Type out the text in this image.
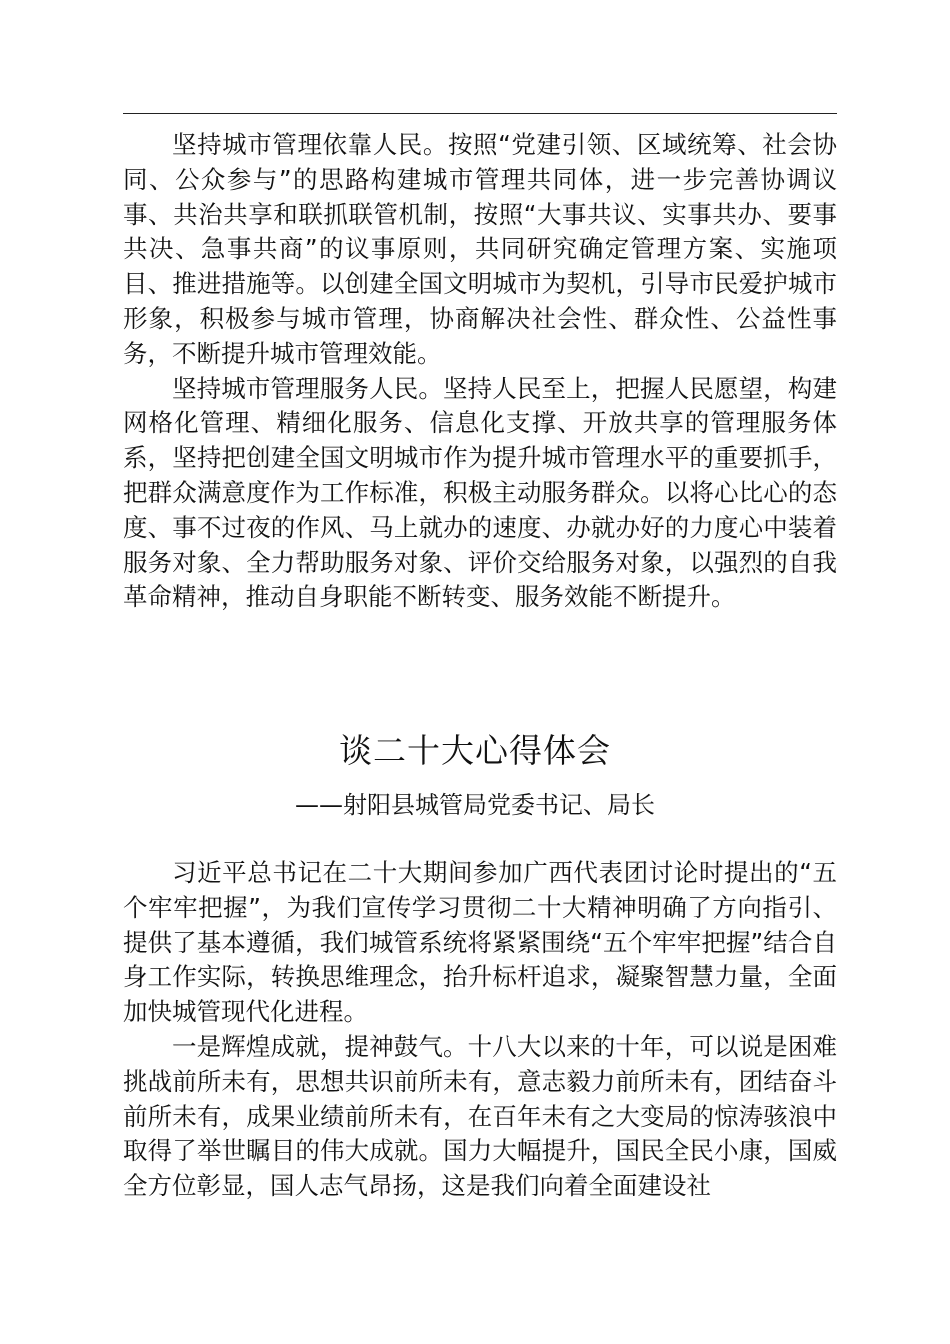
坚持城市管理依靠人民。按照“党建引领、区域统筹、社会协同、公众参与”的思路构建城市管理共同体，进一步完善协调议事、共治共享和联抓联管机制，按照“大事共议、实事共办、要事共决、急事共商”的议事原则，共同研究确定管理方案、实施项目、推进措施等。以创建全国文明城市为契机，引导市民爱护城市形象，积极参与城市管理，协商解决社会性、群众性、公益性事务，不断提升城市管理效能。

坚持城市管理服务人民。坚持人民至上，把握人民愿望，构建网格化管理、精细化服务、信息化支撑、开放共享的管理服务体系，坚持把创建全国文明城市作为提升城市管理水平的重要抓手，把群众满意度作为工作标准，积极主动服务群众。以将心比心的态度、事不过夜的作风、马上就办的速度、办就办好的力度心中装着服务对象、全力帮助服务对象、评价交给服务对象，以强烈的自我革命精神，推动自身职能不断转变、服务效能不断提升。

谈二十大心得体会
——射阳县城管局党委书记、局长

习近平总书记在二十大期间参加广西代表团讨论时提出的“五个牢牢把握”，为我们宣传学习贯彻二十大精神明确了方向指引、提供了基本遵循，我们城管系统将紧紧围绕“五个牢牢把握”结合自身工作实际，转换思维理念，抬升标杆追求，凝聚智慧力量，全面加快城管现代化进程。

一是辉煌成就，提神鼓气。十八大以来的十年，可以说是困难挑战前所未有，思想共识前所未有，意志毅力前所未有，团结奋斗前所未有，成果业绩前所未有，在百年未有之大变局的惊涛骇浪中取得了举世瞩目的伟大成就。国力大幅提升，国民全民小康，国威全方位彰显，国人志气昂扬，这是我们向着全面建设社
